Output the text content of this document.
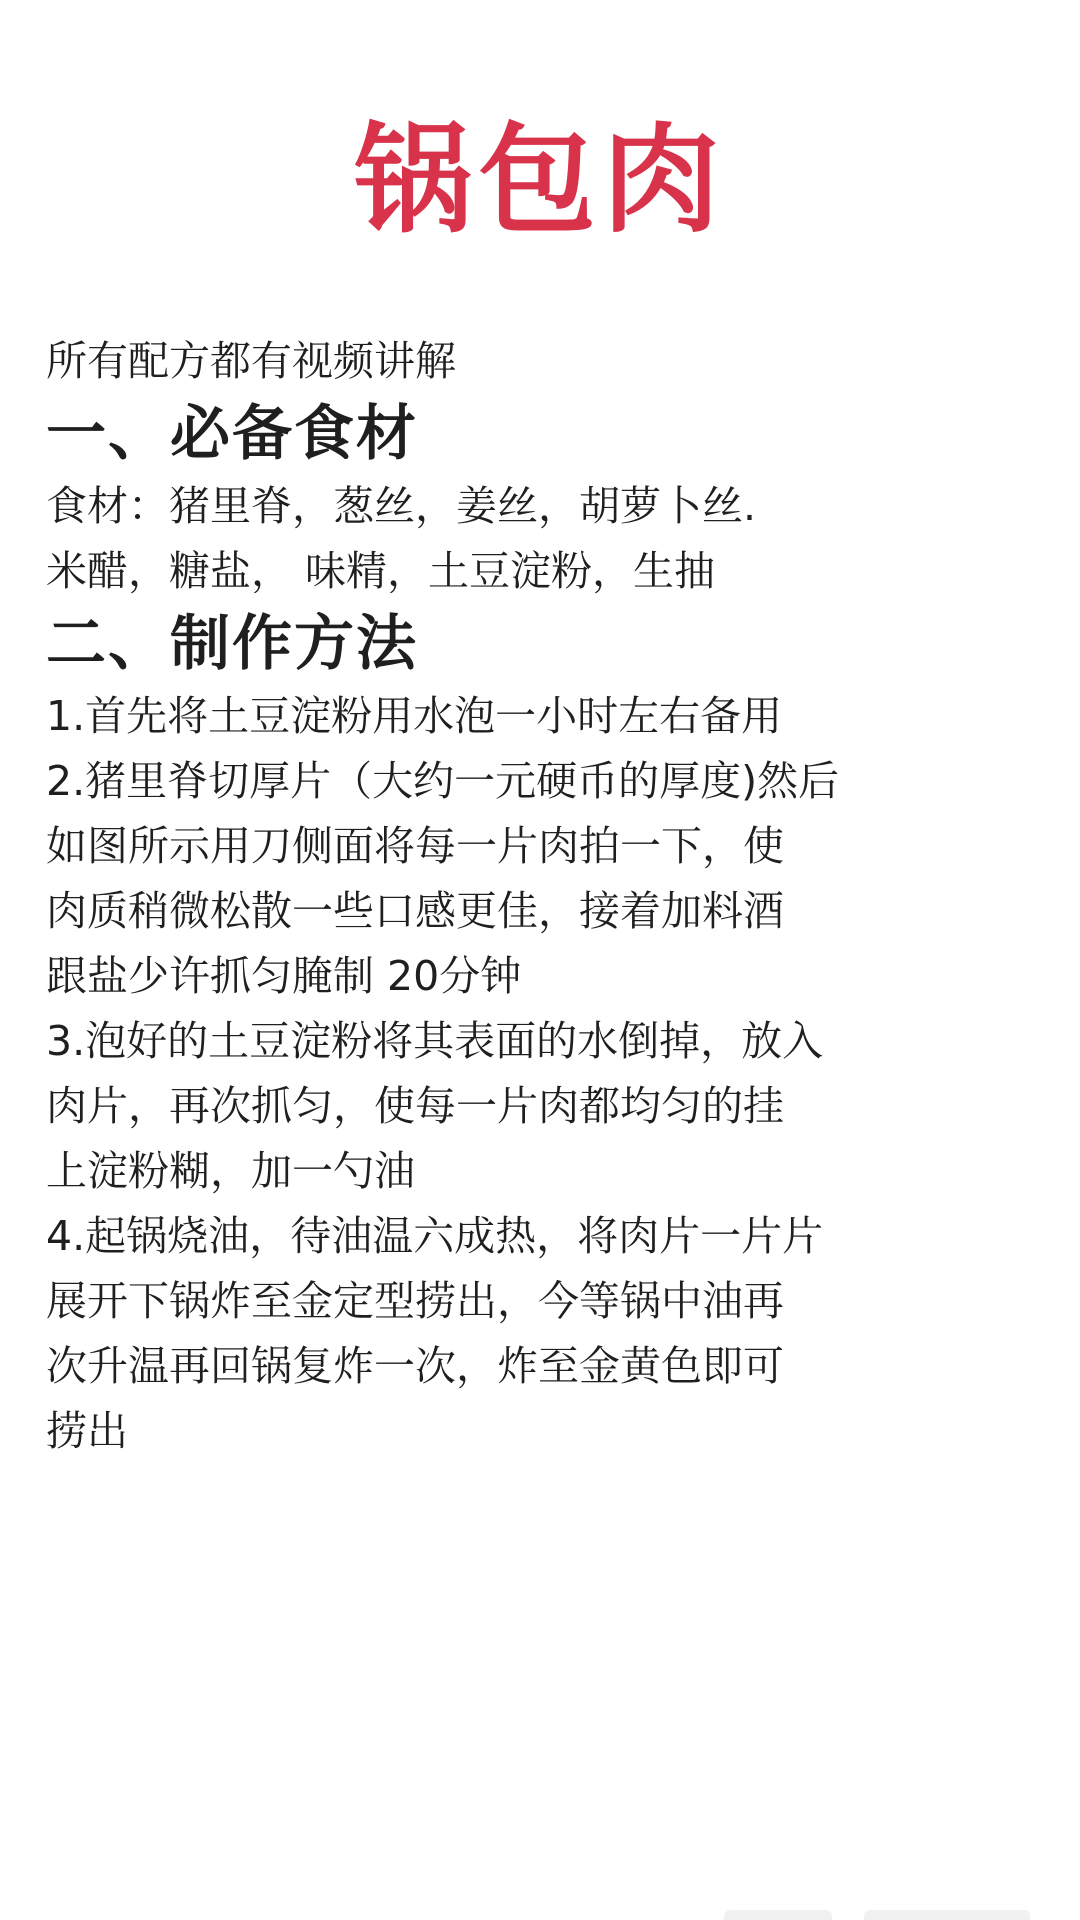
锅包肉

所有配方都有视频讲解

一、必备食材

食材：猪里脊，葱丝，姜丝，胡萝卜丝.

米醋，糖盐， 味精，土豆淀粉，生抽

二、制作方法

1.首先将土豆淀粉用水泡一小时左右备用

2.猪里脊切厚片（大约一元硬币的厚度)然后

如图所示用刀侧面将每一片肉拍一下，使

肉质稍微松散一些口感更佳，接着加料酒

跟盐少许抓匀腌制 20分钟

3.泡好的土豆淀粉将其表面的水倒掉，放入

肉片，再次抓匀，使每一片肉都均匀的挂

上淀粉糊，加一勺油

4.起锅烧油，待油温六成热，将肉片一片片

展开下锅炸至金定型捞出，今等锅中油再

次升温再回锅复炸一次，炸至金黄色即可

捞出
